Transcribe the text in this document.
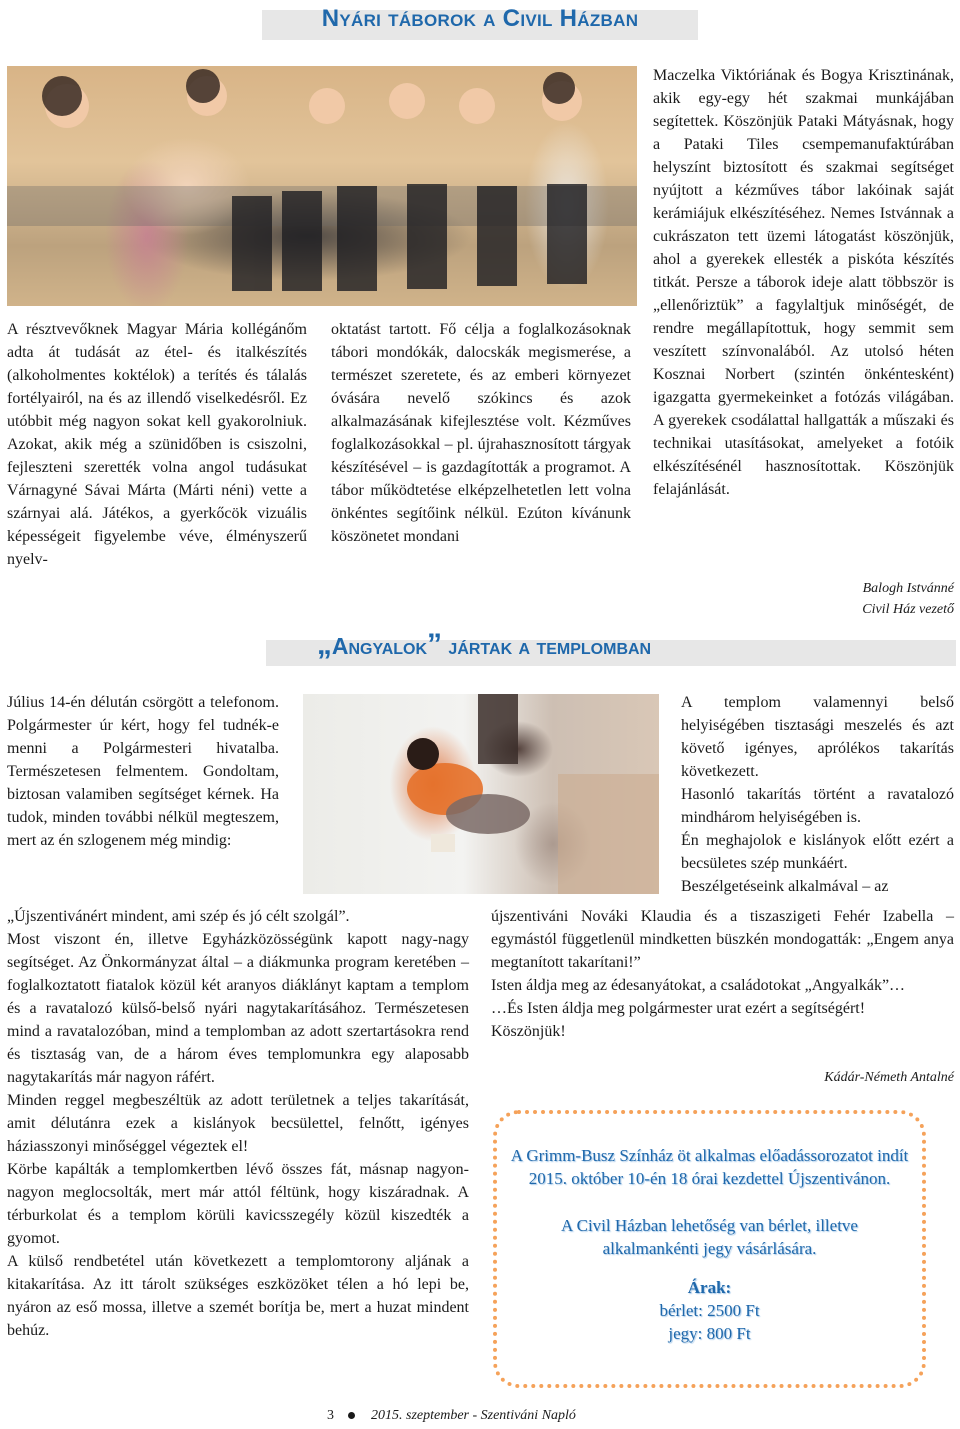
Nyári táborok a Civil Házban

A résztvevőknek Magyar Mária kollégánőm adta át tudását az étel- és italkészítés (alkoholmentes koktélok) a terítés és tálalás fortélyairól, na és az illendő viselkedésről. Ez utóbbit még nagyon sokat kell gyakorolniuk. Azokat, akik még a szünidőben is csiszolni, fejleszteni szerették volna angol tudásukat Várnagyné Sávai Márta (Márti néni) vette a szárnyai alá. Játékos, a gyerkőcök vizuális képességeit figyelembe véve, élményszerű nyelv-

oktatást tartott. Fő célja a foglalkozásoknak tábori mondókák, dalocskák megismerése, a természet szeretete, és az emberi környezet óvására nevelő szókincs és azok alkalmazásának kifejlesztése volt. Kézműves foglalkozásokkal – pl. újrahasznosított tárgyak készítésével – is gazdagították a programot. A tábor működtetése elképzelhetetlen lett volna önkéntes segítőink nélkül. Ezúton kívánunk köszönetet mondani

Maczelka Viktóriának és Bogya Krisztinának, akik egy-egy hét szakmai munkájában segítettek. Köszönjük Pataki Mátyásnak, hogy a Pataki Tiles csempemanufaktúrában helyszínt biztosított és szakmai segítséget nyújtott a kézműves tábor lakóinak saját kerámiájuk elkészítéséhez. Nemes Istvánnak a cukrászaton tett üzemi látogatást köszönjük, ahol a gyerekek ellesték a piskóta készítés titkát. Persze a táborok ideje alatt többször is „ellenőriztük” a fagylaltjuk minőségét, de rendre megállapítottuk, hogy semmit sem veszített színvonalából. Az utolsó héten Kosznai Norbert (szintén önkéntesként) igazgatta gyermekeinket a fotózás világában. A gyerekek csodálattal hallgatták a műszaki és technikai utasításokat, amelyeket a fotóik elkészítésénél hasznosítottak. Köszönjük felajánlását.

Balogh Istvánné
Civil Ház vezető
„Angyalok” jártak a templomban

Július 14-én délután csörgött a telefonom. Polgármester úr kért, hogy fel tudnék-e menni a Polgármesteri hivatalba. Természetesen felmentem. Gondoltam, biztosan valamiben segítséget kérnek. Ha tudok, minden további nélkül megteszem, mert az én szlogenem még mindig:

„Újszentivánért mindent, ami szép és jó célt szolgál”.

Most viszont én, illetve Egyházközösségünk kapott nagy-nagy segítséget. Az Önkormányzat által – a diákmunka program keretében – foglalkoztatott fiatalok közül két aranyos diáklányt kaptam a templom és a ravatalozó külső-belső nyári nagytakarításához. Természetesen mind a ravatalozóban, mind a templomban az adott szertartásokra rend és tisztaság van, de a három éves templomunkra egy alaposabb nagytakarítás már nagyon ráfért.

Minden reggel megbeszéltük az adott területnek a teljes takarítását, amit délutánra ezek a kislányok becsülettel, felnőtt, igényes háziasszonyi minőséggel végeztek el!

Körbe kapálták a templomkertben lévő összes fát, másnap nagyon-nagyon meglocsolták, mert már attól féltünk, hogy kiszáradnak. A térburkolat és a templom körüli kavicsszegély közül kiszedték a gyomot.

A külső rendbetétel után következett a templomtorony aljának a kitakarítása. Az itt tárolt szükséges eszközöket télen a hó lepi be, nyáron az eső mossa, illetve a szemét borítja be, mert a huzat mindent behúz.

A templom valamennyi belső helyiségében tisztasági meszelés és azt követő igényes, aprólékos takarítás következett.

Hasonló takarítás történt a ravatalozó mindhárom helyiségében is.

Én meghajolok e kislányok előtt ezért a becsületes szép munkáért.

Beszélgetéseink alkalmával – az

újszentiváni Nováki Klaudia és a tiszaszigeti Fehér Izabella – egymástól függetlenül mindketten büszkén mondogatták: „Engem anya megtanított takarítani!”

Isten áldja meg az édesanyátokat, a családotokat „Angyalkák”…

…És Isten áldja meg polgármester urat ezért a segítségért!

Köszönjük!

Kádár-Németh Antalné
A Grimm-Busz Színház öt alkalmas előadássorozatot indít 2015. október 10-én 18 órai kezdettel Újszentivánon.
A Civil Házban lehetőség van bérlet, illetve alkalmankénti jegy vásárlására.
Árak:
bérlet: 2500 Ft
jegy: 800 Ft
3	2015. szeptember - Szentiváni Napló
